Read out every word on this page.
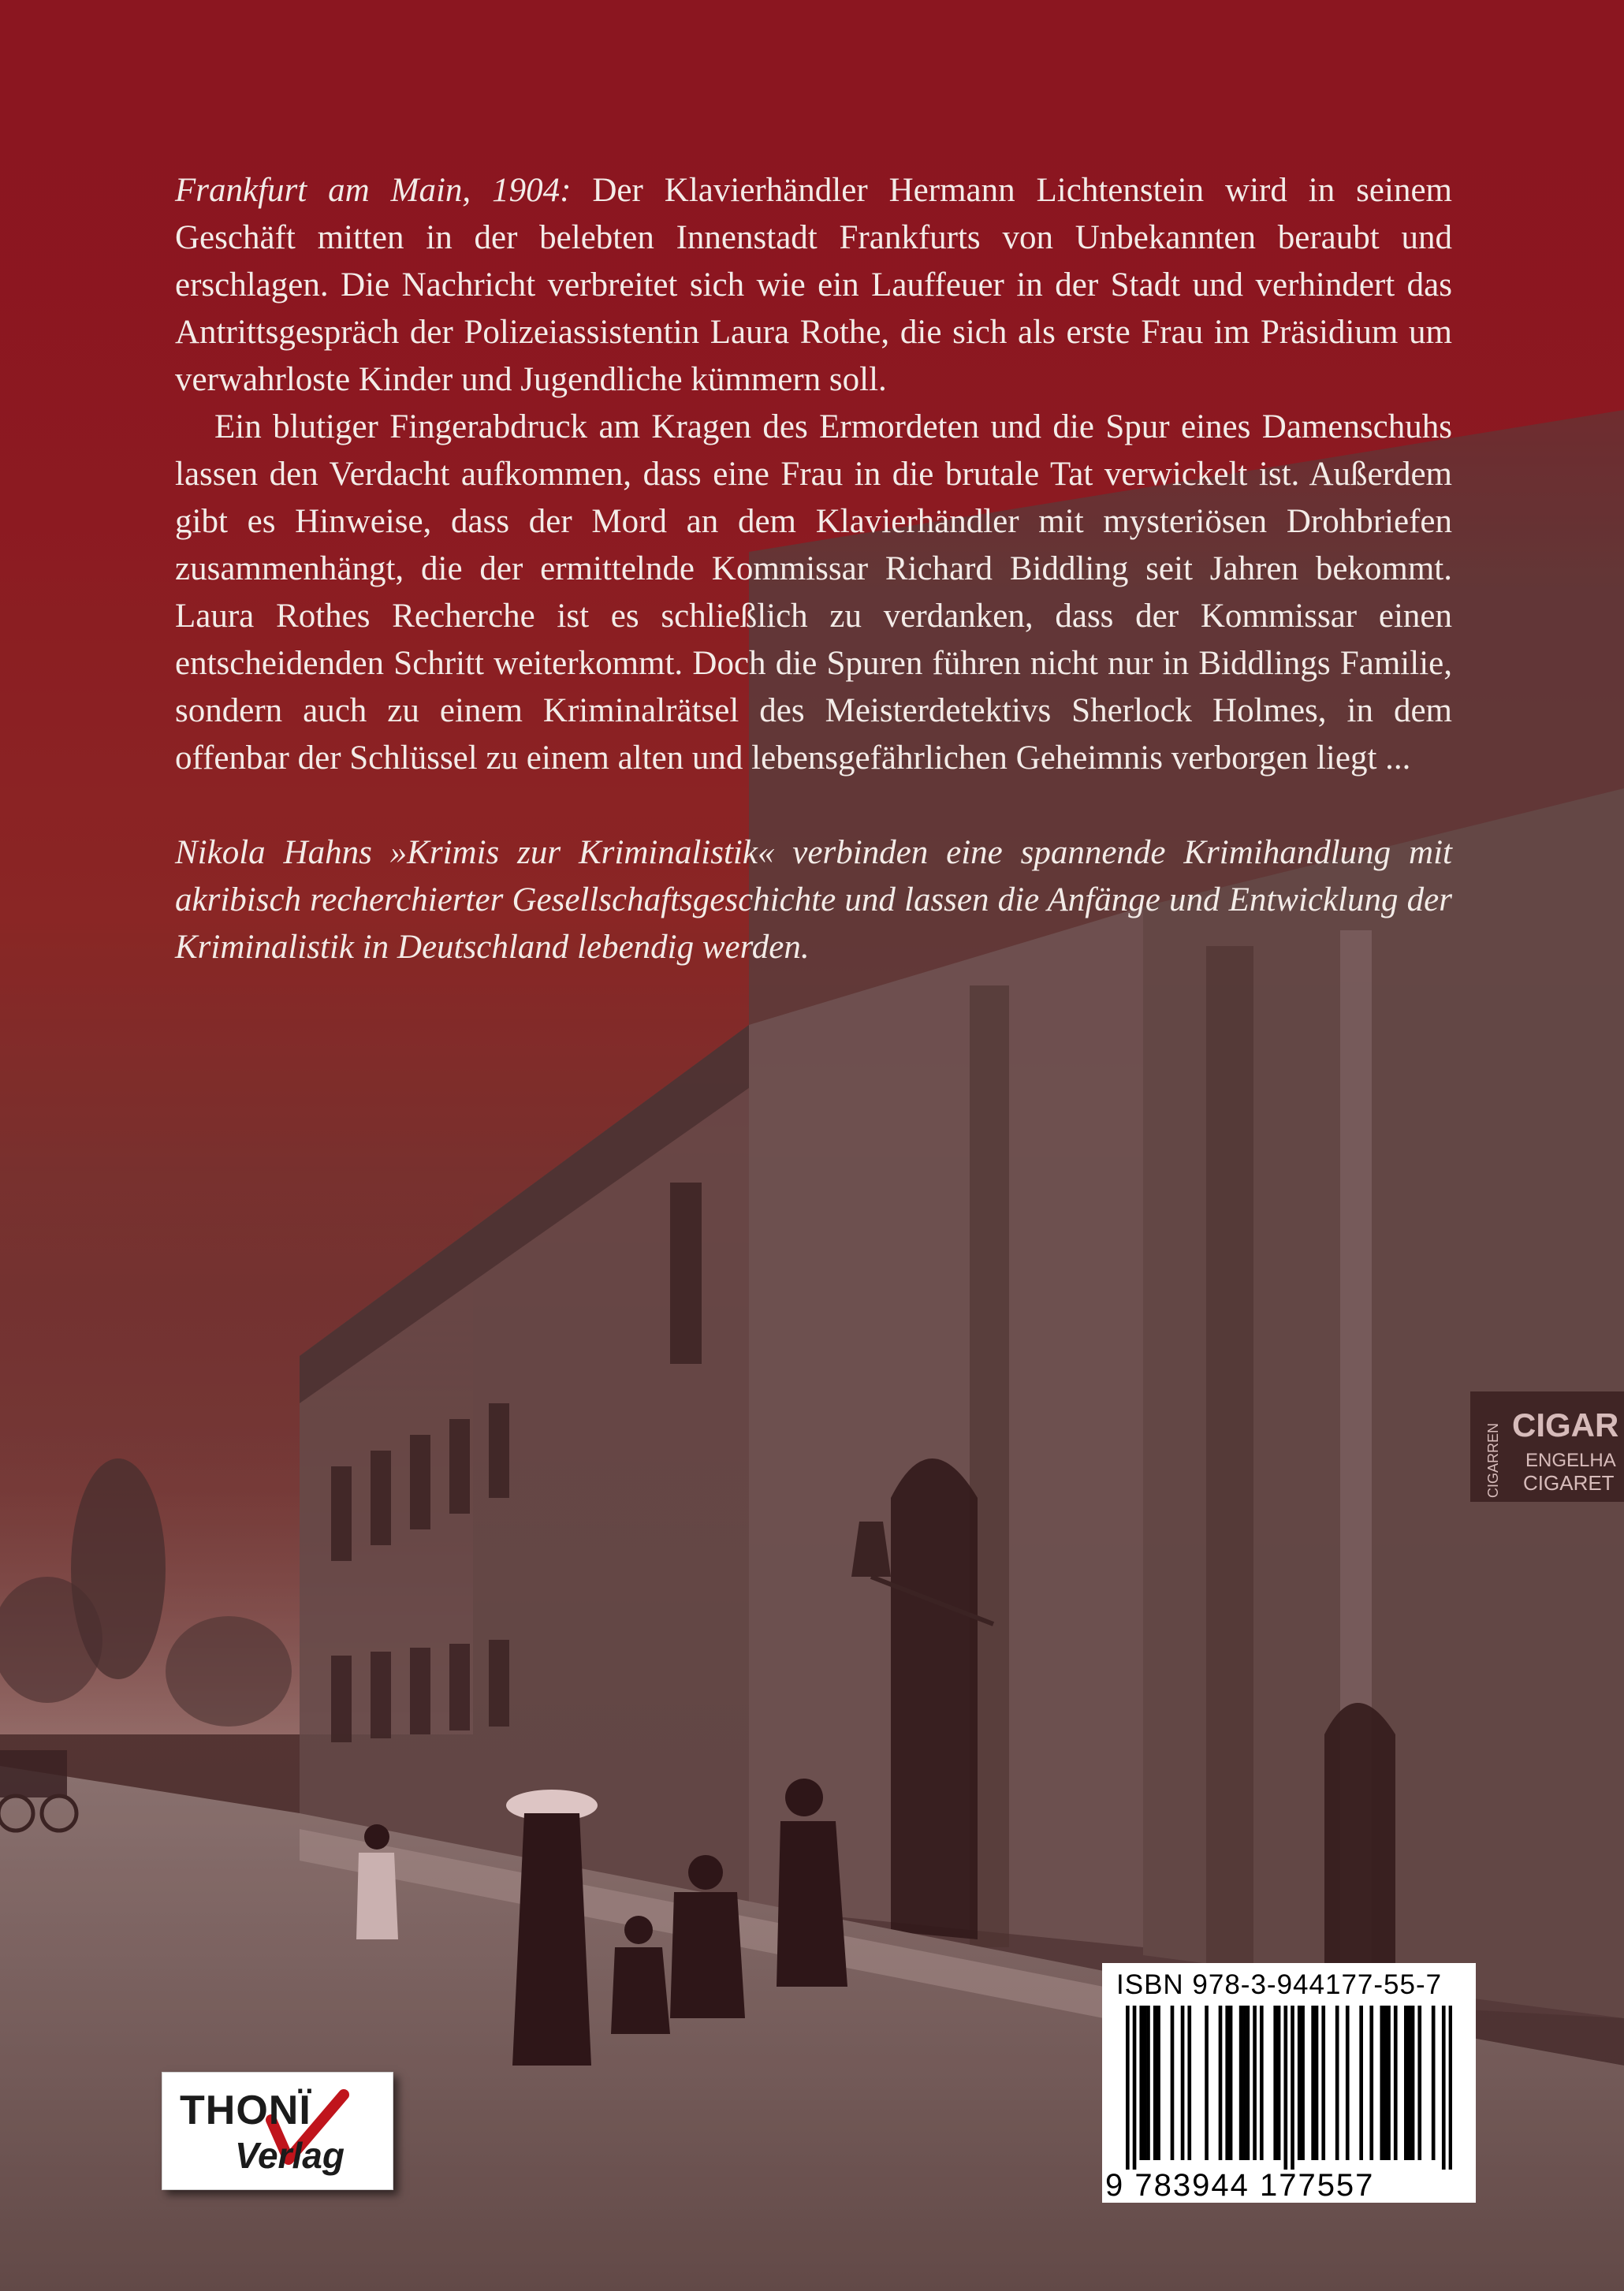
CIGAR
ENGELHA
CIGARET
CIGARREN

Frankfurt am Main, 1904: Der Klavierhändler Hermann Lichtenstein wird in seinem Geschäft mitten in der belebten Innenstadt Frankfurts von Unbekannten beraubt und erschlagen. Die Nachricht verbreitet sich wie ein Lauffeuer in der Stadt und verhindert das Antrittsgespräch der Polizeiassistentin Laura Rothe, die sich als erste Frau im Präsidium um verwahrloste Kinder und Jugendliche kümmern soll.

Ein blutiger Fingerabdruck am Kragen des Ermordeten und die Spur eines Damenschuhs lassen den Verdacht aufkommen, dass eine Frau in die brutale Tat verwickelt ist. Außerdem gibt es Hinweise, dass der Mord an dem Klavierhändler mit mysteriösen Drohbriefen zusammenhängt, die der ermittelnde Kommissar Richard Biddling seit Jahren bekommt. Laura Rothes Recherche ist es schließlich zu verdanken, dass der Kommissar einen entscheidenden Schritt weiterkommt. Doch die Spuren führen nicht nur in Biddlings Familie, sondern auch zu einem Kriminalrätsel des Meisterdetektivs Sherlock Holmes, in dem offenbar der Schlüssel zu einem alten und lebensgefährlichen Geheimnis verborgen liegt ...

Nikola Hahns »Krimis zur Kriminalistik« verbinden eine spannende Krimihandlung mit akribisch recherchierter Gesellschaftsgeschichte und lassen die Anfänge und Entwicklung der Kriminalistik in Deutschland lebendig werden.

THONÏ
Verlag
ISBN 978-3-944177-55-7
9 783944 177557
